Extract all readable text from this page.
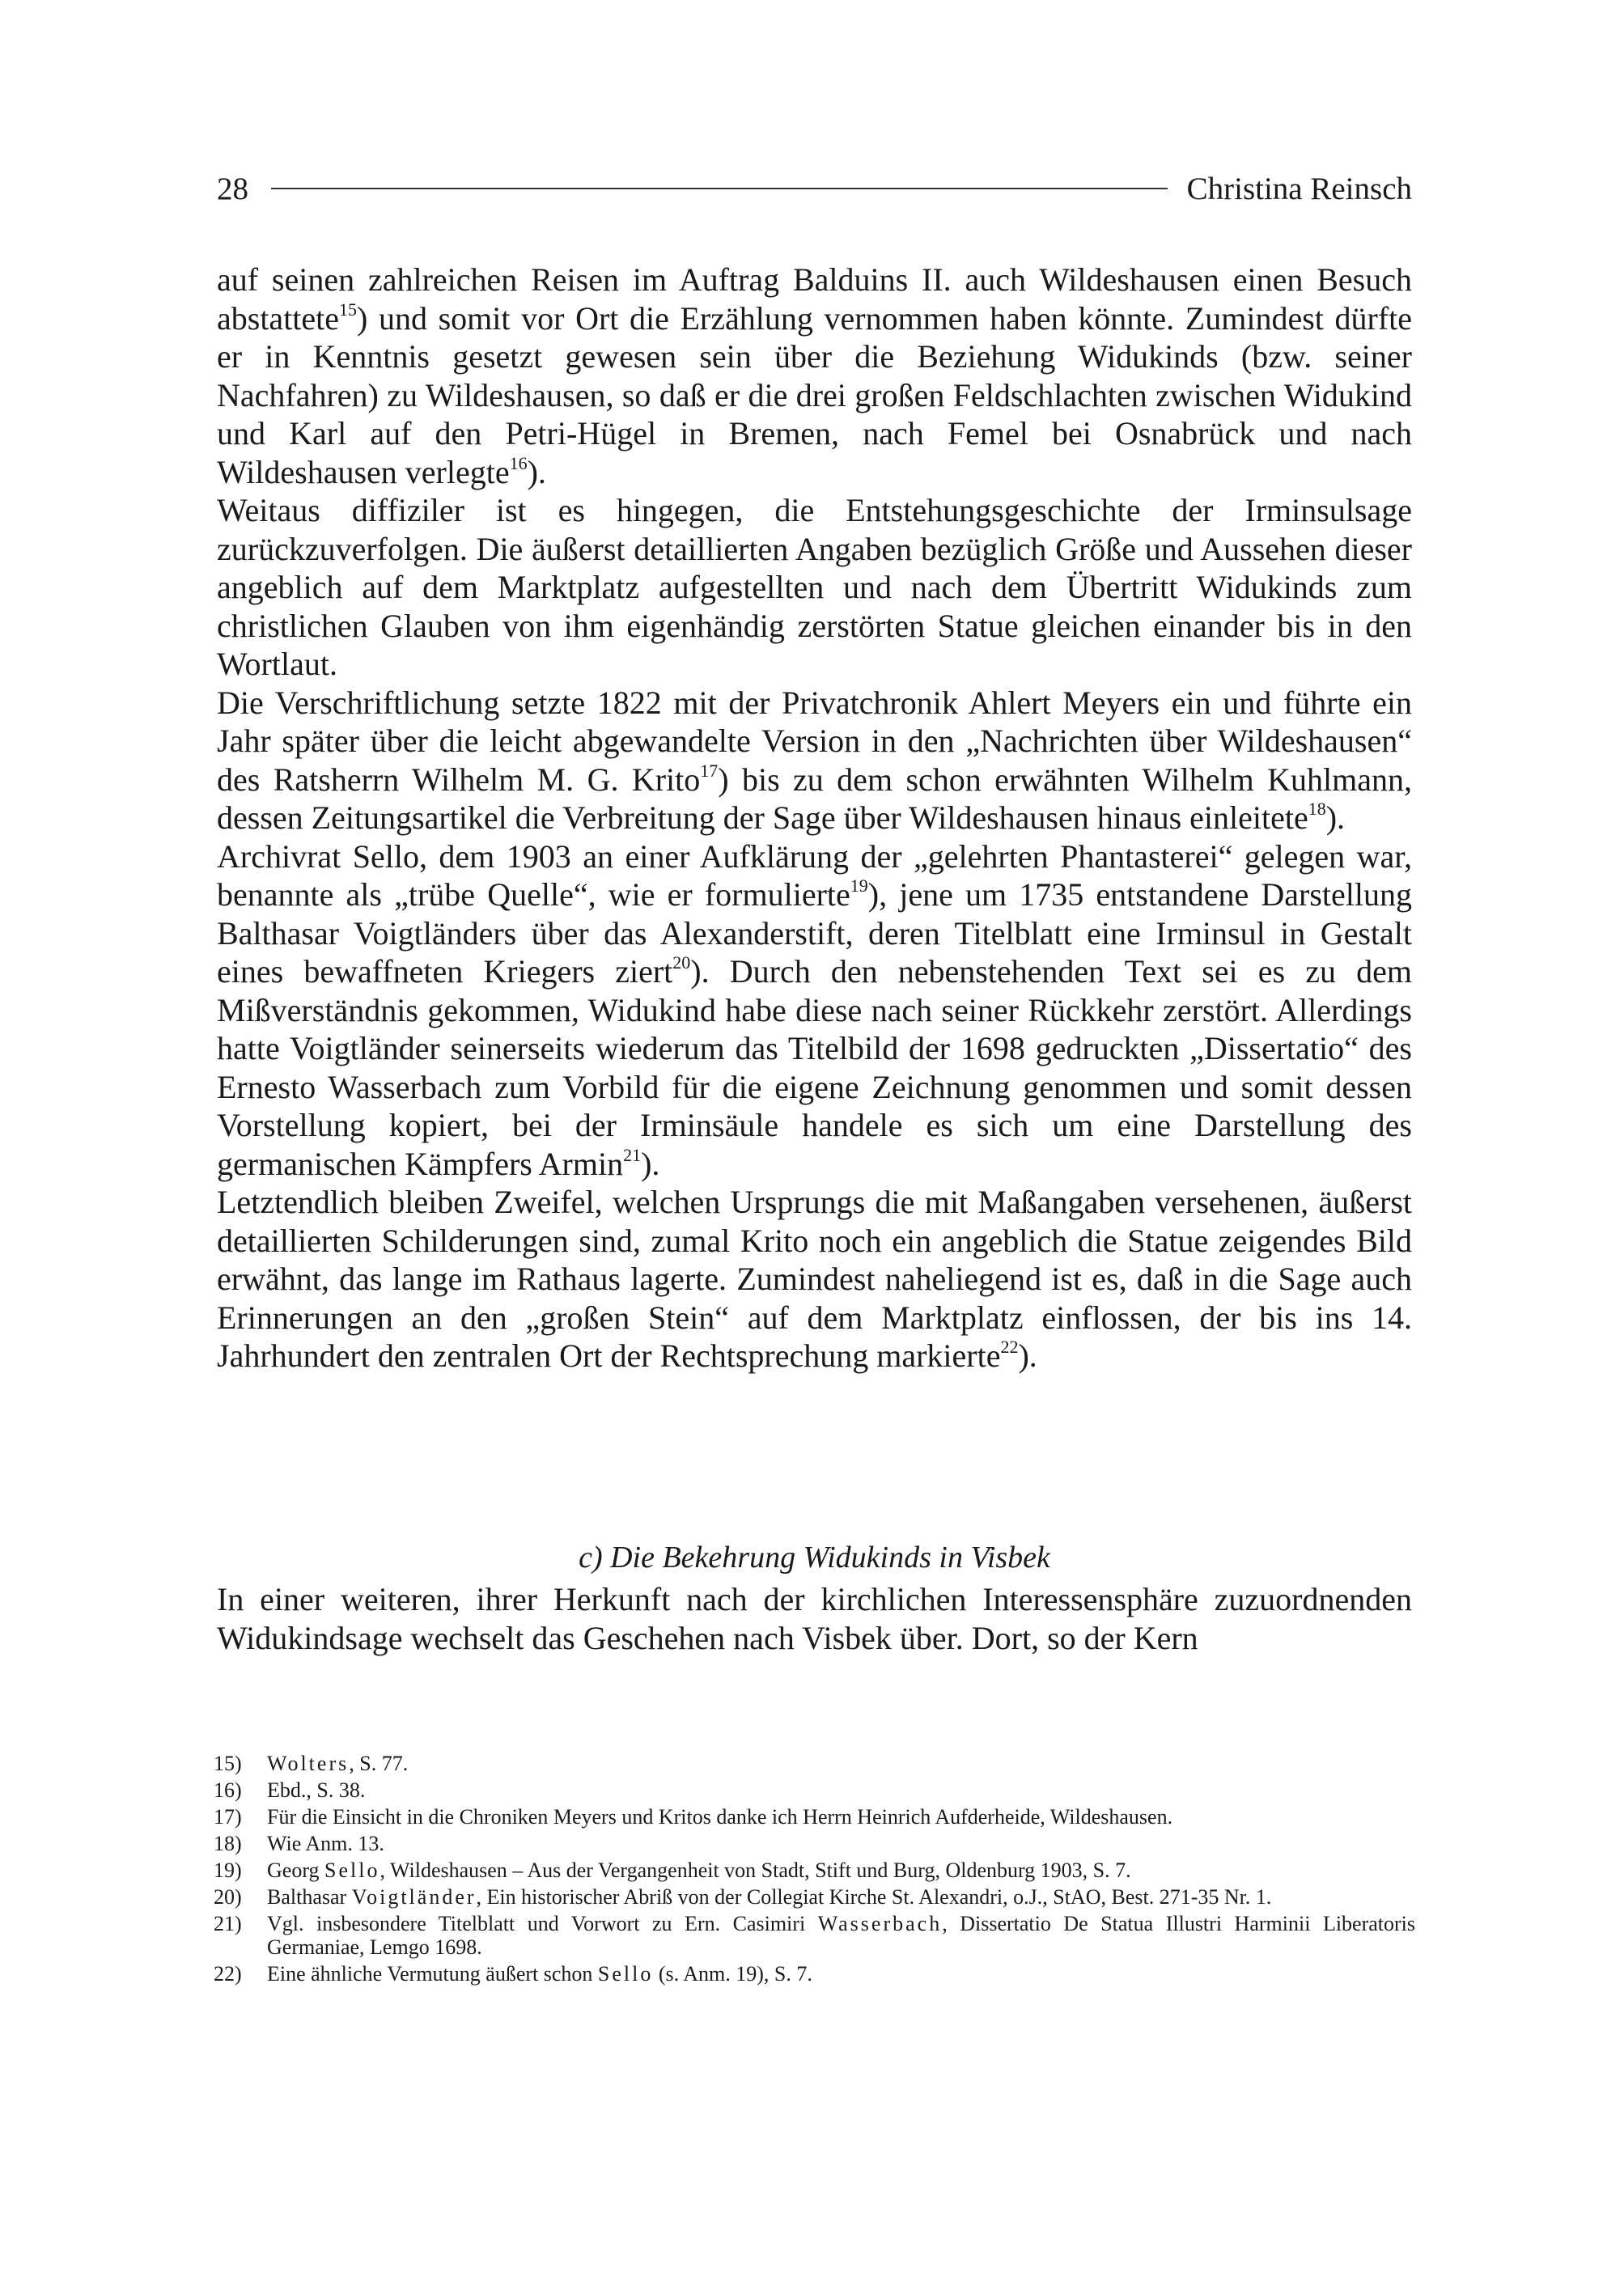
28	Christina Reinsch

auf seinen zahlreichen Reisen im Auftrag Balduins II. auch Wildeshausen einen Besuch abstattete$^{15}$) und somit vor Ort die Erzählung vernommen haben könnte. Zumindest dürfte er in Kenntnis gesetzt gewesen sein über die Beziehung Widukinds (bzw. seiner Nachfahren) zu Wildeshausen, so daß er die drei großen Feldschlachten zwischen Widukind und Karl auf den Petri-Hügel in Bremen, nach Femel bei Osnabrück und nach Wildeshausen verlegte$^{16}$).

Weitaus diffiziler ist es hingegen, die Entstehungsgeschichte der Irminsulsage zurückzuverfolgen. Die äußerst detaillierten Angaben bezüglich Größe und Aussehen dieser angeblich auf dem Marktplatz aufgestellten und nach dem Übertritt Widukinds zum christlichen Glauben von ihm eigenhändig zerstörten Statue gleichen einander bis in den Wortlaut.

Die Verschriftlichung setzte 1822 mit der Privatchronik Ahlert Meyers ein und führte ein Jahr später über die leicht abgewandelte Version in den „Nachrichten über Wildeshausen“ des Ratsherrn Wilhelm M. G. Krito$^{17}$) bis zu dem schon erwähnten Wilhelm Kuhlmann, dessen Zeitungsartikel die Verbreitung der Sage über Wildeshausen hinaus einleitete$^{18}$).

Archivrat Sello, dem 1903 an einer Aufklärung der „gelehrten Phantasterei“ gelegen war, benannte als „trübe Quelle“, wie er formulierte$^{19}$), jene um 1735 entstandene Darstellung Balthasar Voigtländers über das Alexanderstift, deren Titelblatt eine Irminsul in Gestalt eines bewaffneten Kriegers ziert$^{20}$). Durch den nebenstehenden Text sei es zu dem Mißverständnis gekommen, Widukind habe diese nach seiner Rückkehr zerstört. Allerdings hatte Voigtländer seinerseits wiederum das Titelbild der 1698 gedruckten „Dissertatio“ des Ernesto Wasserbach zum Vorbild für die eigene Zeichnung genommen und somit dessen Vorstellung kopiert, bei der Irminsäule handele es sich um eine Darstellung des germanischen Kämpfers Armin$^{21}$).

Letztendlich bleiben Zweifel, welchen Ursprungs die mit Maßangaben versehenen, äußerst detaillierten Schilderungen sind, zumal Krito noch ein angeblich die Statue zeigendes Bild erwähnt, das lange im Rathaus lagerte. Zumindest naheliegend ist es, daß in die Sage auch Erinnerungen an den „großen Stein“ auf dem Marktplatz einflossen, der bis ins 14. Jahrhundert den zentralen Ort der Rechtsprechung markierte$^{22}$).

c) Die Bekehrung Widukinds in Visbek

In einer weiteren, ihrer Herkunft nach der kirchlichen Interessensphäre zuzuordnenden Widukindsage wechselt das Geschehen nach Visbek über. Dort, so der Kern

15)	Wolters, S. 77.
16)	Ebd., S. 38.
17)	Für die Einsicht in die Chroniken Meyers und Kritos danke ich Herrn Heinrich Aufderheide, Wildeshausen.
18)	Wie Anm. 13.
19)	Georg Sello, Wildeshausen – Aus der Vergangenheit von Stadt, Stift und Burg, Oldenburg 1903, S. 7.
20)	Balthasar Voigtländer, Ein historischer Abriß von der Collegiat Kirche St. Alexandri, o.J., StAO, Best. 271-35 Nr. 1.
21)	Vgl. insbesondere Titelblatt und Vorwort zu Ern. Casimiri Wasserbach, Dissertatio De Statua Illustri Harminii Liberatoris Germaniae, Lemgo 1698.
22)	Eine ähnliche Vermutung äußert schon Sello (s. Anm. 19), S. 7.
